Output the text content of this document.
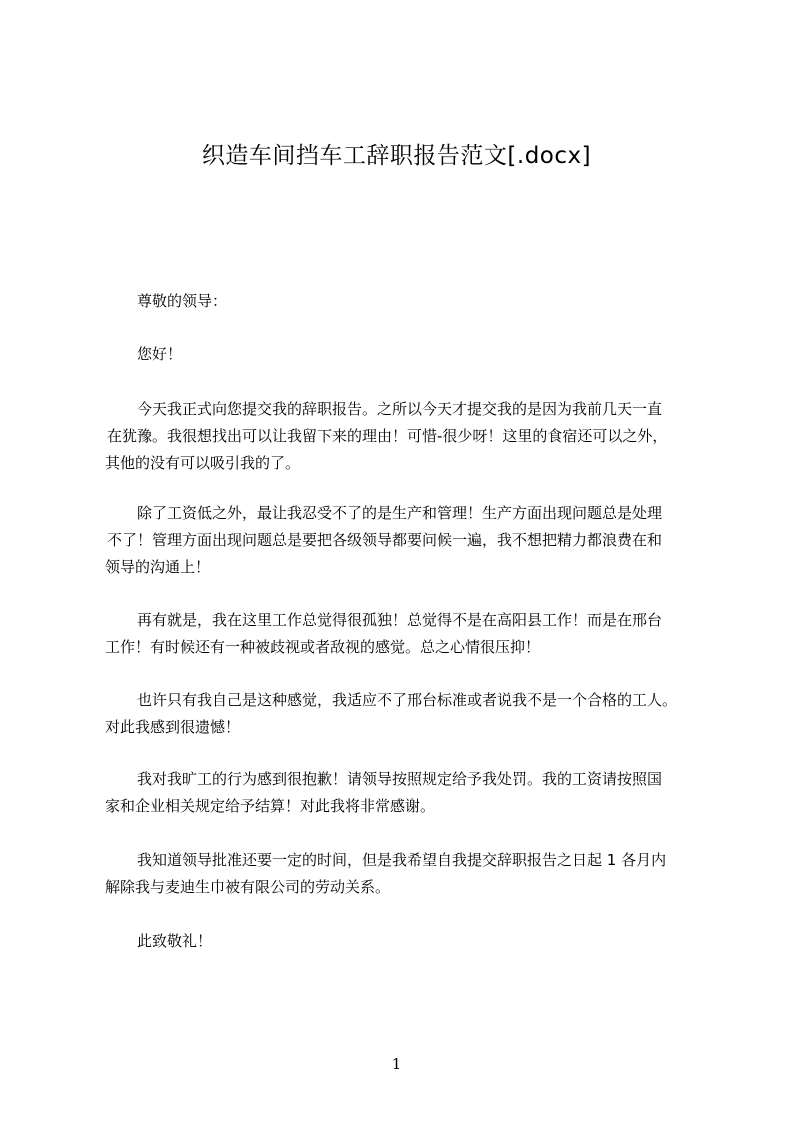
织造车间挡车工辞职报告范文[.docx]

尊敬的领导：

您好！

今天我正式向您提交我的辞职报告。之所以今天才提交我的是因为我前几天一直

在犹豫。我很想找出可以让我留下来的理由！可惜-很少呀！这里的食宿还可以之外，

其他的没有可以吸引我的了。

除了工资低之外，最让我忍受不了的是生产和管理！生产方面出现问题总是处理

不了！管理方面出现问题总是要把各级领导都要问候一遍，我不想把精力都浪费在和

领导的沟通上！

再有就是，我在这里工作总觉得很孤独！总觉得不是在高阳县工作！而是在邢台

工作！有时候还有一种被歧视或者敌视的感觉。总之心情很压抑！

也许只有我自己是这种感觉，我适应不了邢台标准或者说我不是一个合格的工人。

对此我感到很遗憾！

我对我旷工的行为感到很抱歉！请领导按照规定给予我处罚。我的工资请按照国

家和企业相关规定给予结算！对此我将非常感谢。

我知道领导批准还要一定的时间，但是我希望自我提交辞职报告之日起 1 各月内

解除我与麦迪生巾被有限公司的劳动关系。

此致敬礼！

1
